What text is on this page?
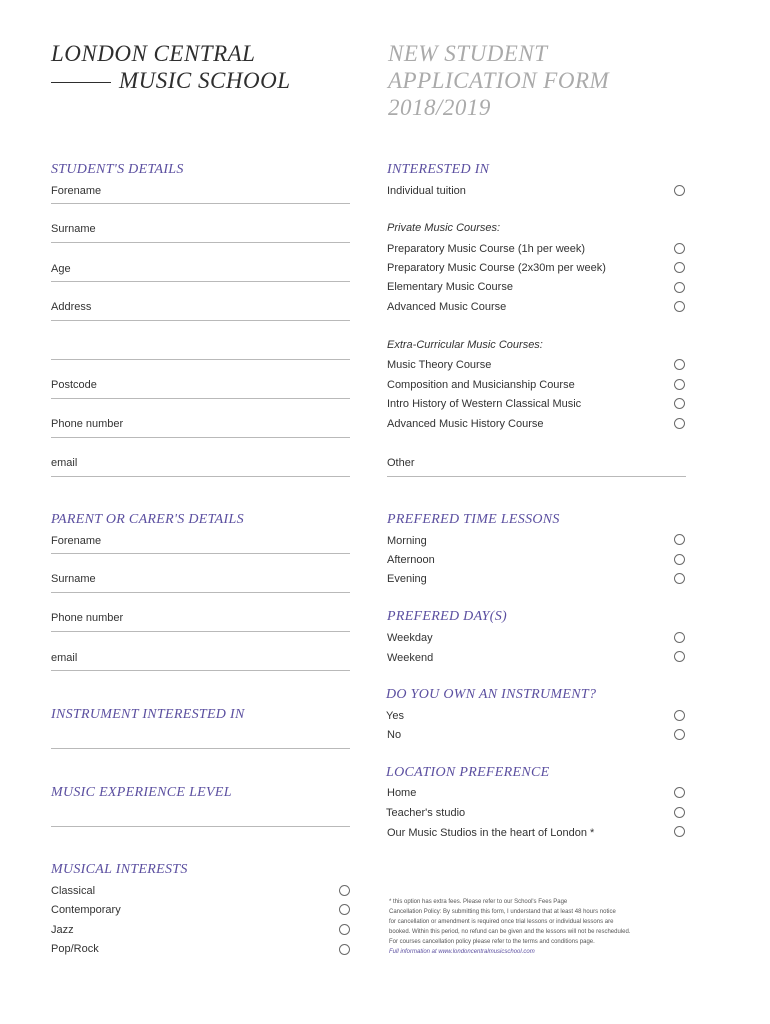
LONDON CENTRAL
MUSIC SCHOOL
NEW STUDENT
APPLICATION FORM
2018/2019
STUDENT'S DETAILS
Forename
Surname
Age
Address
Postcode
Phone number
email
PARENT OR CARER'S DETAILS
Forename
Surname
Phone number
email
INSTRUMENT INTERESTED IN
MUSIC EXPERIENCE LEVEL
MUSICAL INTERESTS
Classical
Contemporary
Jazz
Pop/Rock
INTERESTED IN
Individual tuition
Private Music Courses:
Preparatory Music Course (1h per week)
Preparatory Music Course (2x30m per week)
Elementary Music Course
Advanced Music Course
Extra-Curricular Music Courses:
Music Theory Course
Composition and Musicianship Course
Intro History of Western Classical Music
Advanced Music History Course
Other
PREFERED TIME LESSONS
Morning
Afternoon
Evening
PREFERED DAY(S)
Weekday
Weekend
DO YOU OWN AN INSTRUMENT?
Yes
No
LOCATION PREFERENCE
Home
Teacher's studio
Our Music Studios in the heart of London *
* this option has extra fees. Please refer to our School's Fees Page
Cancellation Policy: By submitting this form, I understand that at least 48 hours notice
for cancellation or amendment is required once trial lessons or individual lessons are
booked. Within this period, no refund can be given and the lessons will not be rescheduled.
For courses cancellation policy please refer to the terms and conditions page.
Full information at www.londoncentralmusicschool.com
